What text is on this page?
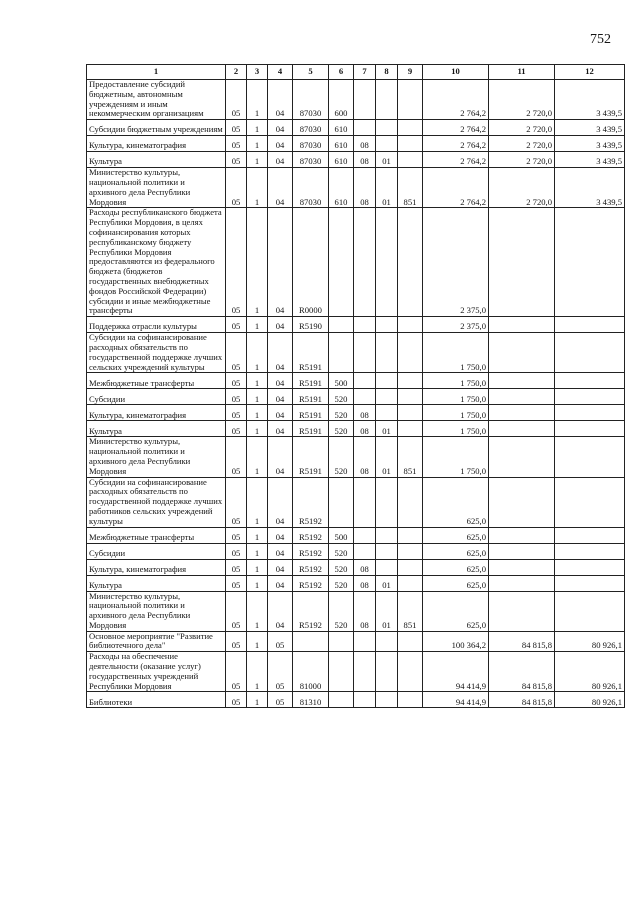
752
1	2	3	4	5	6	7	8	9	10	11	12
Предоставление субсидий бюджетным, автономным учреждениям и иным некоммерческим организациям	05	1	04	87030	600				2 764,2	2 720,0	3 439,5
Субсидии бюджетным учреждениям	05	1	04	87030	610				2 764,2	2 720,0	3 439,5
Культура, кинематография	05	1	04	87030	610	08			2 764,2	2 720,0	3 439,5
Культура	05	1	04	87030	610	08	01		2 764,2	2 720,0	3 439,5
Министерство культуры, национальной политики и архивного дела Республики Мордовия	05	1	04	87030	610	08	01	851	2 764,2	2 720,0	3 439,5
Расходы республиканского бюджета Республики Мордовия, в целях софинансирования которых республиканскому бюджету Республики Мордовия предоставляются из федерального бюджета (бюджетов государственных внебюджетных фондов Российской Федерации) субсидии и иные межбюджетные трансферты	05	1	04	R0000					2 375,0		
Поддержка отрасли культуры	05	1	04	R5190					2 375,0		
Субсидии на софинансирование расходных обязательств по государственной поддержке лучших сельских учреждений культуры	05	1	04	R5191					1 750,0		
Межбюджетные трансферты	05	1	04	R5191	500				1 750,0		
Субсидии	05	1	04	R5191	520				1 750,0		
Культура, кинематография	05	1	04	R5191	520	08			1 750,0		
Культура	05	1	04	R5191	520	08	01		1 750,0		
Министерство культуры, национальной политики и архивного дела Республики Мордовия	05	1	04	R5191	520	08	01	851	1 750,0		
Субсидии на софинансирование расходных обязательств по государственной поддержке лучших работников сельских учреждений культуры	05	1	04	R5192					625,0		
Межбюджетные трансферты	05	1	04	R5192	500				625,0		
Субсидии	05	1	04	R5192	520				625,0		
Культура, кинематография	05	1	04	R5192	520	08			625,0		
Культура	05	1	04	R5192	520	08	01		625,0		
Министерство культуры, национальной политики и архивного дела Республики Мордовия	05	1	04	R5192	520	08	01	851	625,0		
Основное мероприятие "Развитие библиотечного дела"	05	1	05						100 364,2	84 815,8	80 926,1
Расходы на обеспечение деятельности (оказание услуг) государственных учреждений Республики Мордовия	05	1	05	81000					94 414,9	84 815,8	80 926,1
Библиотеки	05	1	05	81310					94 414,9	84 815,8	80 926,1
